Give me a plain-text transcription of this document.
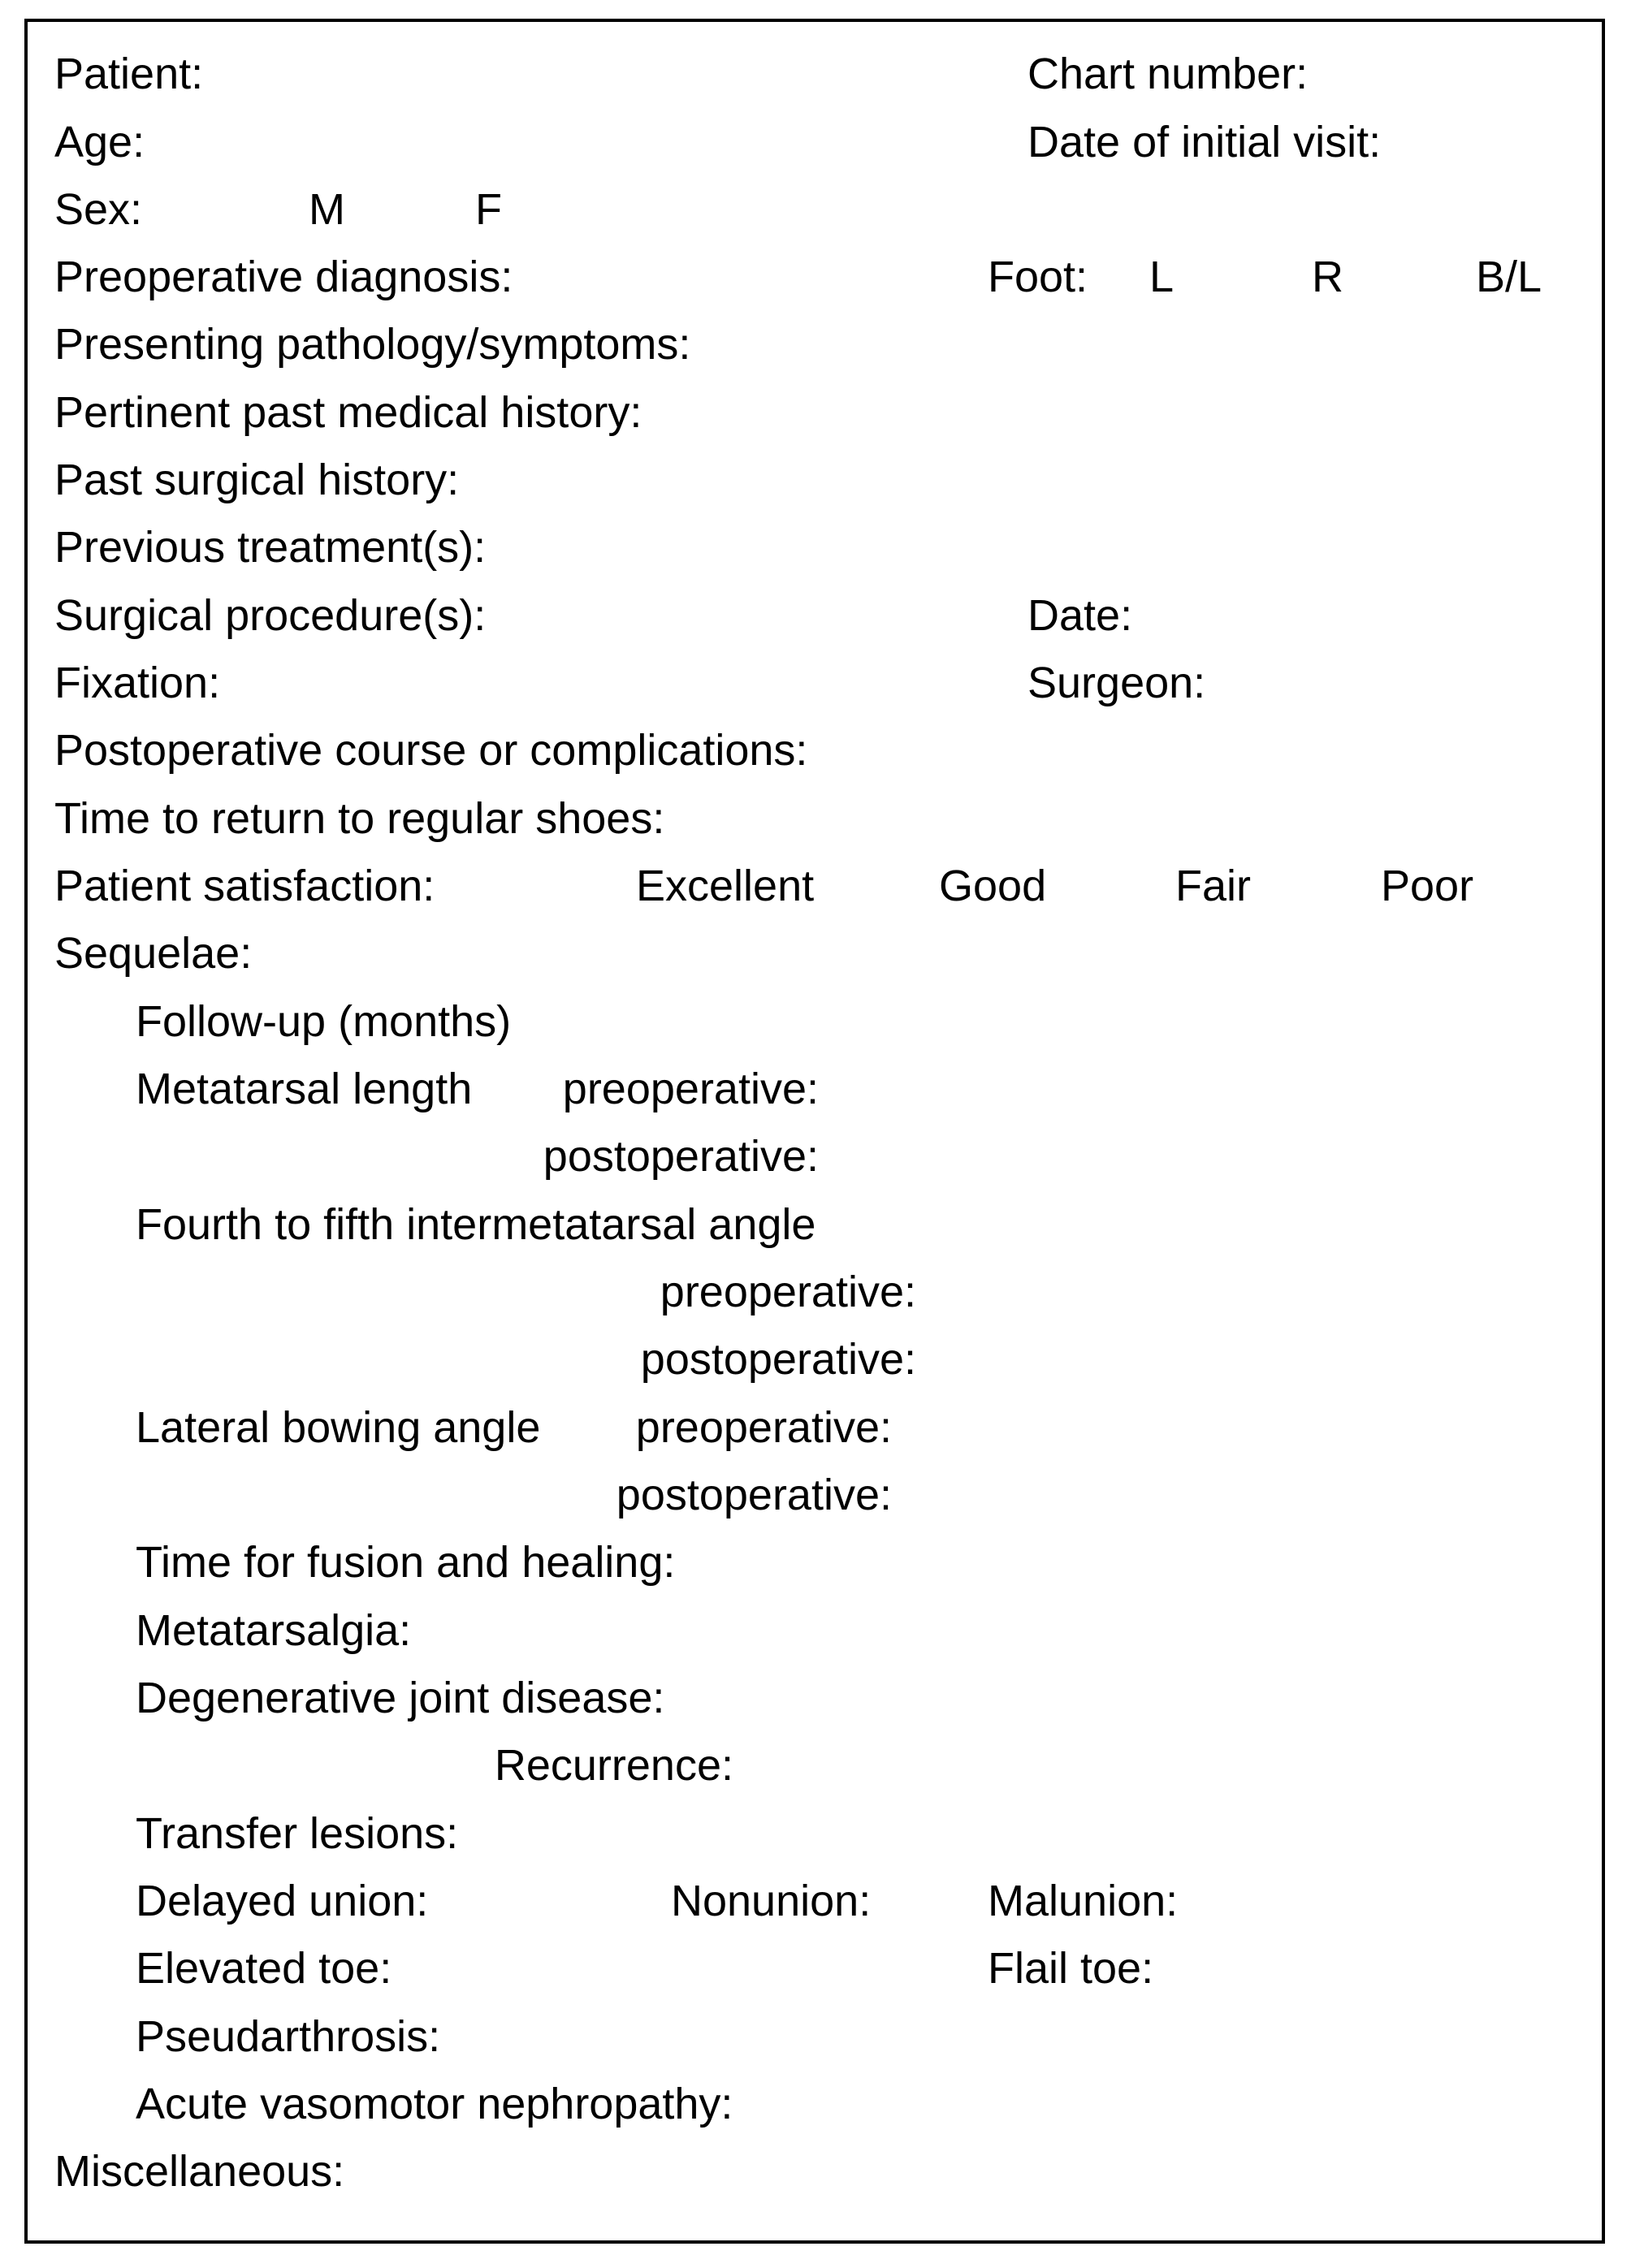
Patient:	Chart number:
Age:	Date of initial visit:
Sex:	M	F
Preoperative diagnosis:	Foot: L	R	B/L
Presenting pathology/symptoms:
Pertinent past medical history:
Past surgical history:
Previous treatment(s):
Surgical procedure(s):	Date:
Fixation:	Surgeon:
Postoperative course or complications:
Time to return to regular shoes:
Patient satisfaction:	Excellent	Good	Fair	Poor
Sequelae:
Follow-up (months)
Metatarsal length preoperative:
postoperative:
Fourth to fifth intermetatarsal angle
preoperative:
postoperative:
Lateral bowing angle preoperative:
postoperative:
Time for fusion and healing:
Metatarsalgia:
Degenerative joint disease:
Recurrence:
Transfer lesions:
Delayed union:	Nonunion:	Malunion:
Elevated toe:	Flail toe:
Pseudarthrosis:
Acute vasomotor nephropathy:
Miscellaneous:
